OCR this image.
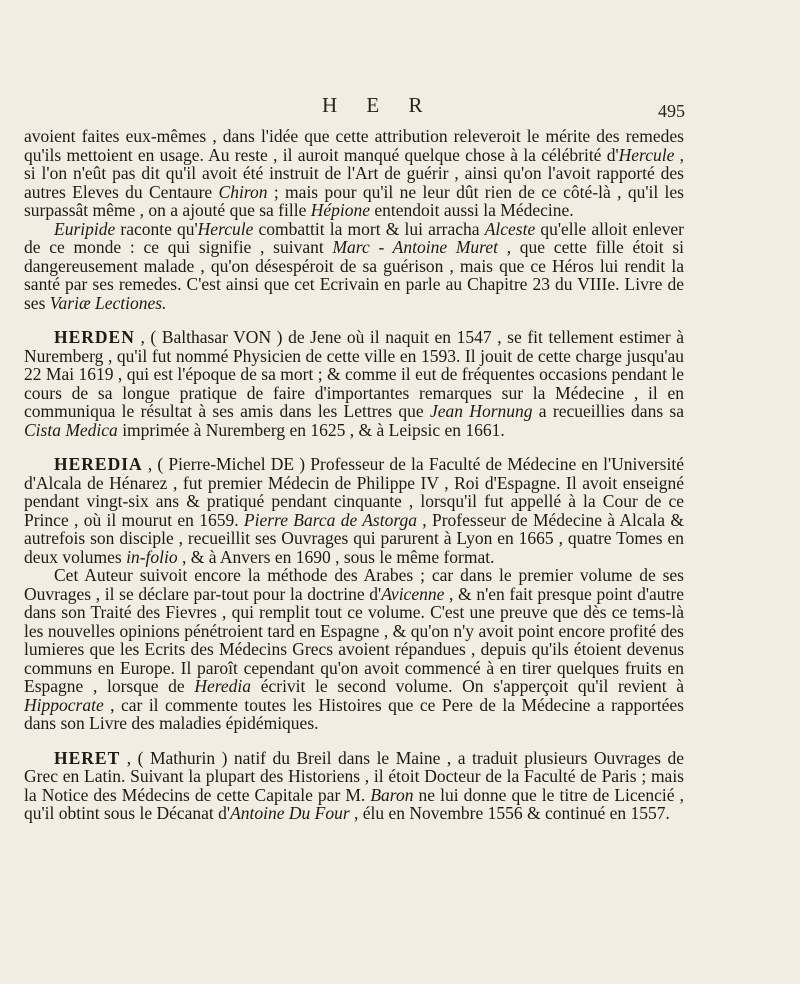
H E R	495

avoient faites eux-mêmes , dans l'idée que cette attribution releveroit le mérite des remedes qu'ils mettoient en usage. Au reste , il auroit manqué quelque chose à la célébrité d'Hercule , si l'on n'eût pas dit qu'il avoit été instruit de l'Art de guérir , ainsi qu'on l'avoit rapporté des autres Eleves du Centaure Chiron ; mais pour qu'il ne leur dût rien de ce côté-là , qu'il les surpassât même , on a ajouté que sa fille Hépione entendoit aussi la Médecine.

Euripide raconte qu'Hercule combattit la mort & lui arracha Alceste qu'elle alloit enlever de ce monde : ce qui signifie , suivant Marc - Antoine Muret , que cette fille étoit si dangereusement malade , qu'on désespéroit de sa guérison , mais que ce Héros lui rendit la santé par ses remedes. C'est ainsi que cet Ecrivain en parle au Chapitre 23 du VIIIe. Livre de ses Variæ Lectiones.

HERDEN , ( Balthasar VON ) de Jene où il naquit en 1547 , se fit tellement estimer à Nuremberg , qu'il fut nommé Physicien de cette ville en 1593. Il jouit de cette charge jusqu'au 22 Mai 1619 , qui est l'époque de sa mort ; & comme il eut de fréquentes occasions pendant le cours de sa longue pratique de faire d'importantes remarques sur la Médecine , il en communiqua le résultat à ses amis dans les Lettres que Jean Hornung a recueillies dans sa Cista Medica imprimée à Nuremberg en 1625 , & à Leipsic en 1661.

HEREDIA , ( Pierre-Michel DE ) Professeur de la Faculté de Médecine en l'Université d'Alcala de Hénarez , fut premier Médecin de Philippe IV , Roi d'Espagne. Il avoit enseigné pendant vingt-six ans & pratiqué pendant cinquante , lorsqu'il fut appellé à la Cour de ce Prince , où il mourut en 1659. Pierre Barca de Astorga , Professeur de Médecine à Alcala & autrefois son disciple , recueillit ses Ouvrages qui parurent à Lyon en 1665 , quatre Tomes en deux volumes in-folio , & à Anvers en 1690 , sous le même format.

Cet Auteur suivoit encore la méthode des Arabes ; car dans le premier volume de ses Ouvrages , il se déclare par-tout pour la doctrine d'Avicenne , & n'en fait presque point d'autre dans son Traité des Fievres , qui remplit tout ce volume. C'est une preuve que dès ce tems-là les nouvelles opinions pénétroient tard en Espagne , & qu'on n'y avoit point encore profité des lumieres que les Ecrits des Médecins Grecs avoient répandues , depuis qu'ils étoient devenus communs en Europe. Il paroît cependant qu'on avoit commencé à en tirer quelques fruits en Espagne , lorsque de Heredia écrivit le second volume. On s'apperçoit qu'il revient à Hippocrate , car il commente toutes les Histoires que ce Pere de la Médecine a rapportées dans son Livre des maladies épidémiques.

HERET , ( Mathurin ) natif du Breil dans le Maine , a traduit plusieurs Ouvrages de Grec en Latin. Suivant la plupart des Historiens , il étoit Docteur de la Faculté de Paris ; mais la Notice des Médecins de cette Capitale par M. Baron ne lui donne que le titre de Licencié , qu'il obtint sous le Décanat d'Antoine Du Four , élu en Novembre 1556 & continué en 1557.
